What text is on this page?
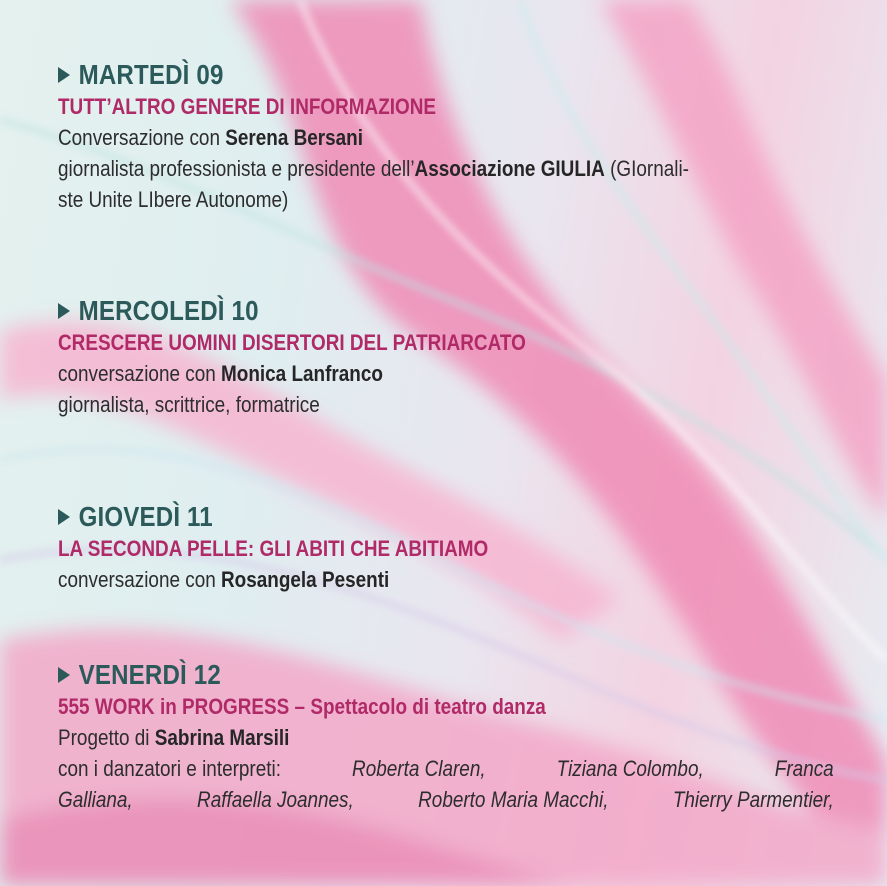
MARTEDÌ 09
TUTT’ALTRO GENERE DI INFORMAZIONE
Conversazione con Serena Bersani
giornalista professionista e presidente dell’Associazione GIULIA (GIornali-
ste Unite LIbere Autonome)
MERCOLEDÌ 10
CRESCERE UOMINI DISERTORI DEL PATRIARCATO
conversazione con Monica Lanfranco
giornalista, scrittrice, formatrice
GIOVEDÌ 11
LA SECONDA PELLE: GLI ABITI CHE ABITIAMO
conversazione con Rosangela Pesenti
VENERDÌ 12
555 WORK in PROGRESS – Spettacolo di teatro danza
Progetto di Sabrina Marsili
con i danzatori e interpreti:	Roberta Claren,	Tiziana Colombo,	Franca
Galliana,	Raffaella Joannes,	Roberto Maria Macchi,	Thierry Parmentier,
